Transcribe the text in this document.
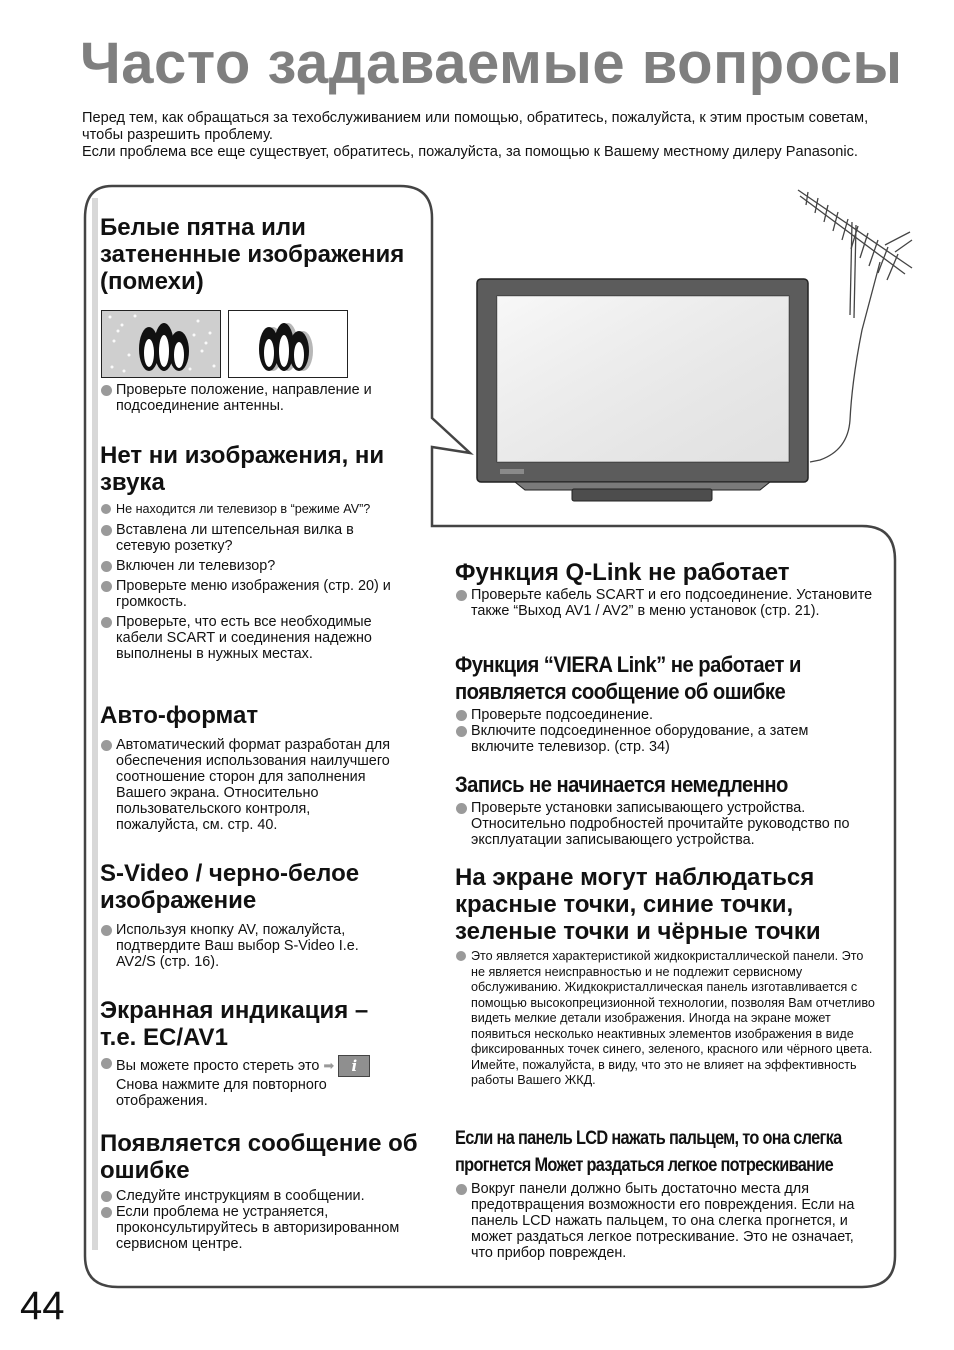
Часто задаваемые вопросы

Перед тем, как обращаться за техобслуживанием или помощью, обратитесь, пожалуйста, к этим простым советам, чтобы разрешить проблему.

Если проблема все еще существует, обратитесь, пожалуйста, за помощью к Вашему местному дилеру Panasonic.

Белые пятна или затененные изображения (помехи)
Проверьте положение, направление и подсоединение антенны.
Нет ни изображения, ни звука
Не находится ли телевизор в “режиме AV”?
Вставлена ли штепсельная вилка в сетевую розетку?
Включен ли телевизор?
Проверьте меню изображения (стр. 20) и громкость.
Проверьте, что есть все необходимые кабели SCART и соединения надежно выполнены в нужных местах.
Авто-формат
Автоматический формат разработан для обеспечения использования наилучшего соотношение сторон для заполнения Вашего экрана. Относительно пользовательского контроля, пожалуйста, см. стр. 40.
S-Video / черно-белое изображение
Используя кнопку AV, пожалуйста, подтвердите Ваш выбор S-Video I.e. AV2/S (стр. 16).
Экранная индикация – т.е. EC/AV1
Вы можете просто стереть это ➡ i
Снова нажмите для повторного отображения.
Появляется сообщение об ошибке
Следуйте инструкциям в сообщении.
Если проблема не устраняется, проконсультируйтесь в авторизированном сервисном центре.
Функция Q-Link не работает
Проверьте кабель SCART и его подсоединение. Установите также “Выход AV1 / AV2” в меню установок (стр. 21).
Функция “VIERA Link” не работает и
появляется сообщение об ошибке
Проверьте подсоединение.
Включите подсоединенное оборудование, а затем включите телевизор. (стр. 34)
Запись не начинается немедленно
Проверьте установки записывающего устройства. Относительно подробностей прочитайте руководство по эксплуатации записывающего устройства.
На экране могут наблюдаться красные точки, синие точки, зеленые точки и чёрные точки
Это является характеристикой жидкокристаллической панели. Это не является неисправностью и не подлежит сервисному обслуживанию. Жидкокристаллическая панель изготавливается с помощью высокопрецизионной технологии, позволяя Вам отчетливо видеть мелкие детали изображения. Иногда на экране может появиться несколько неактивных элементов изображения в виде фиксированных точек синего, зеленого, красного или чёрного цвета.
Имейте, пожалуйста, в виду, что это не влияет на эффективность работы Вашего ЖКД.
Если на панель LCD нажать пальцем, то она слегка
прогнется Может раздаться легкое потрескивание
Вокруг панели должно быть достаточно места для предотвращения возможности его повреждения. Если на панель LCD нажать пальцем, то она слегка прогнется, и может раздаться легкое потрескивание. Это не означает, что прибор поврежден.
44
